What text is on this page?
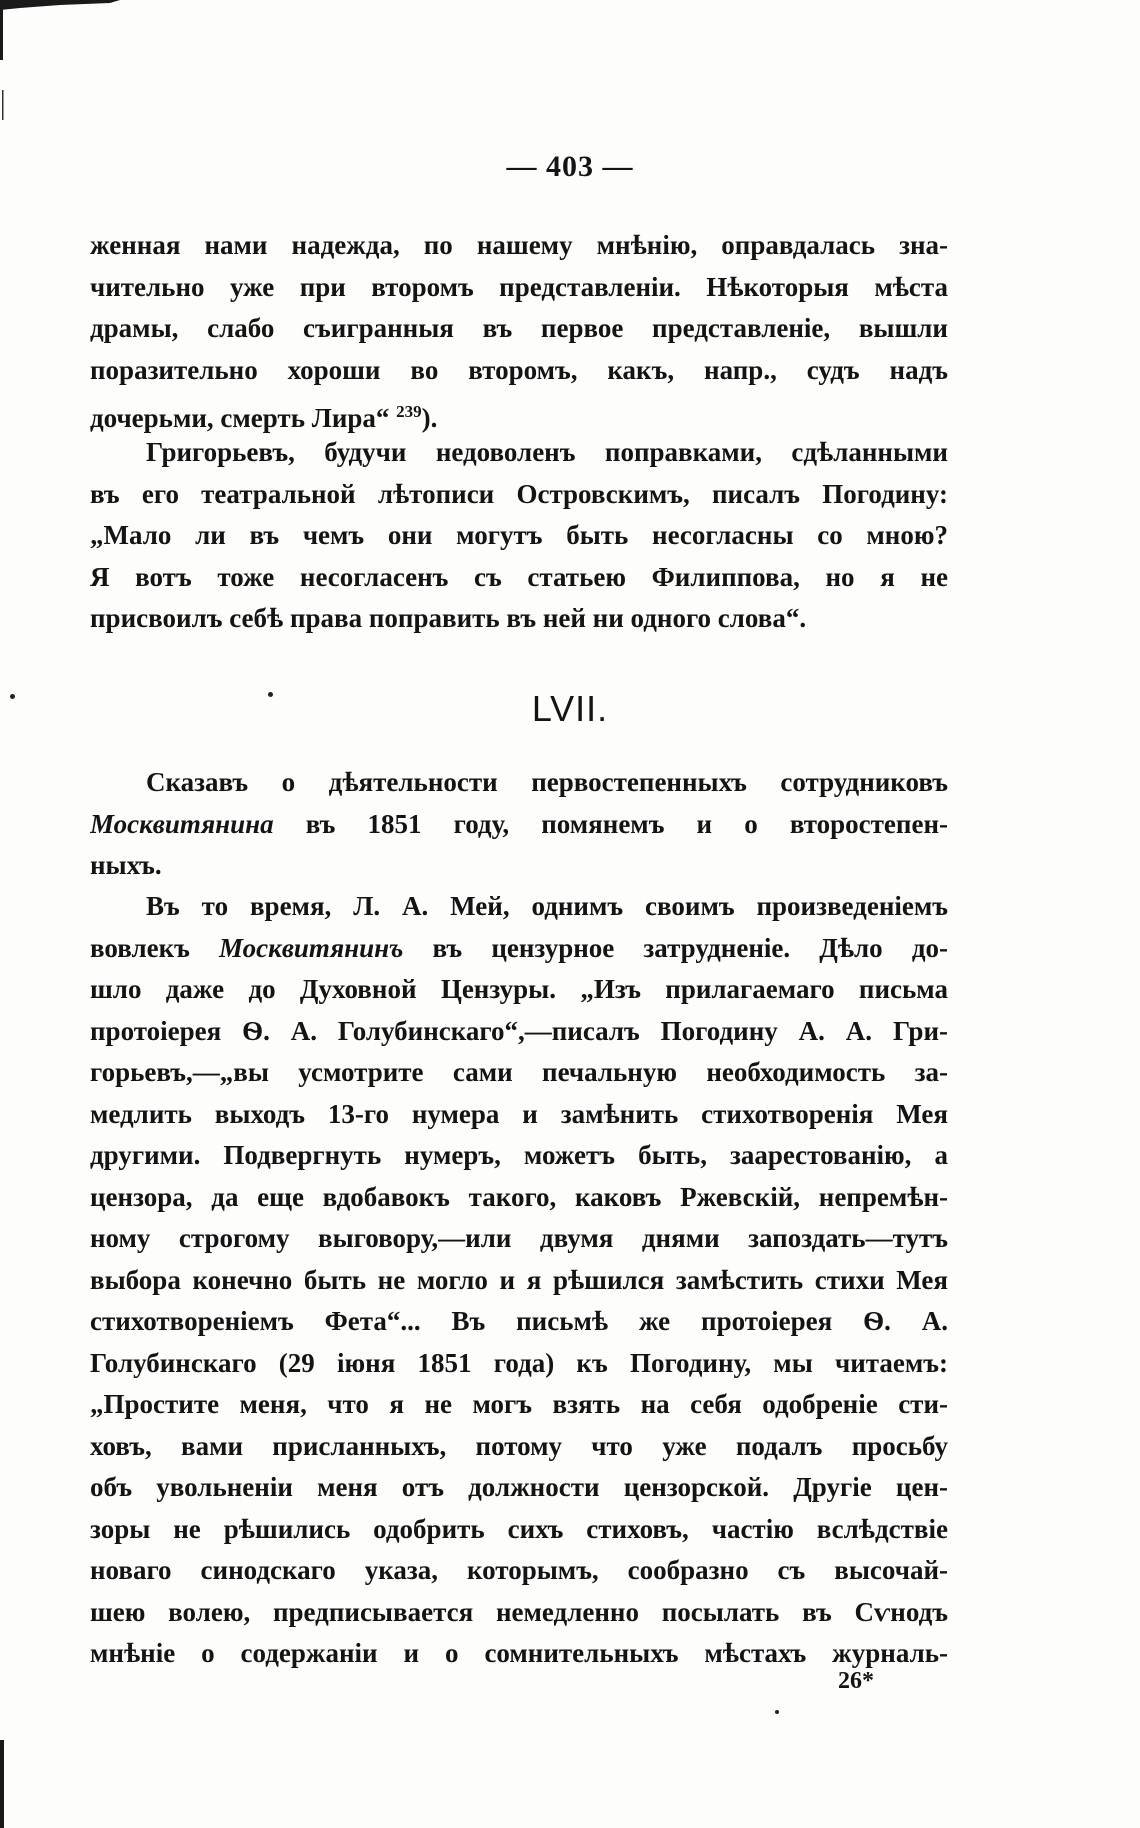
— 403 —
женная нами надежда, по нашему мнѣнію, оправдалась зна-
чительно уже при второмъ представленіи. Нѣкоторыя мѣста
драмы, слабо съигранныя въ первое представленіе, вышли
поразительно хороши во второмъ, какъ, напр., судъ надъ
дочерьми, смерть Лира“ $^{239}$).
Григорьевъ, будучи недоволенъ поправками, сдѣланными
въ его театральной лѣтописи Островскимъ, писалъ Погодину:
„Мало ли въ чемъ они могутъ быть несогласны со мною?
Я вотъ тоже несогласенъ съ статьею Филиппова, но я не
присвоилъ себѣ права поправить въ ней ни одного слова“.
LVII.
Сказавъ о дѣятельности первостепенныхъ сотрудниковъ
Москвитянина въ 1851 году, помянемъ и о второстепен-
ныхъ.
Въ то время, Л. А. Мей, однимъ своимъ произведеніемъ
вовлекъ Москвитянинъ въ цензурное затрудненіе. Дѣло до-
шло даже до Духовной Цензуры. „Изъ прилагаемаго письма
протоіерея Ѳ. А. Голубинскаго“,—писалъ Погодину А. А. Гри-
горьевъ,—„вы усмотрите сами печальную необходимость за-
медлить выходъ 13-го нумера и замѣнить стихотворенія Мея
другими. Подвергнуть нумеръ, можетъ быть, заарестованію, а
цензора, да еще вдобавокъ такого, каковъ Ржевскій, непремѣн-
ному строгому выговору,—или двумя днями запоздать—тутъ
выбора конечно быть не могло и я рѣшился замѣстить стихи Мея
стихотвореніемъ Фета“... Въ письмѣ же протоіерея Ѳ. А.
Голубинскаго (29 іюня 1851 года) къ Погодину, мы читаемъ:
„Простите меня, что я не могъ взять на себя одобреніе сти-
ховъ, вами присланныхъ, потому что уже подалъ просьбу
объ увольненіи меня отъ должности цензорской. Другіе цен-
зоры не рѣшились одобрить сихъ стиховъ, частію вслѣдствіе
новаго синодскаго указа, которымъ, сообразно съ высочай-
шею волею, предписывается немедленно посылать въ Сѵнодъ
мнѣніе о содержаніи и о сомнительныхъ мѣстахъ журналь-
26*
